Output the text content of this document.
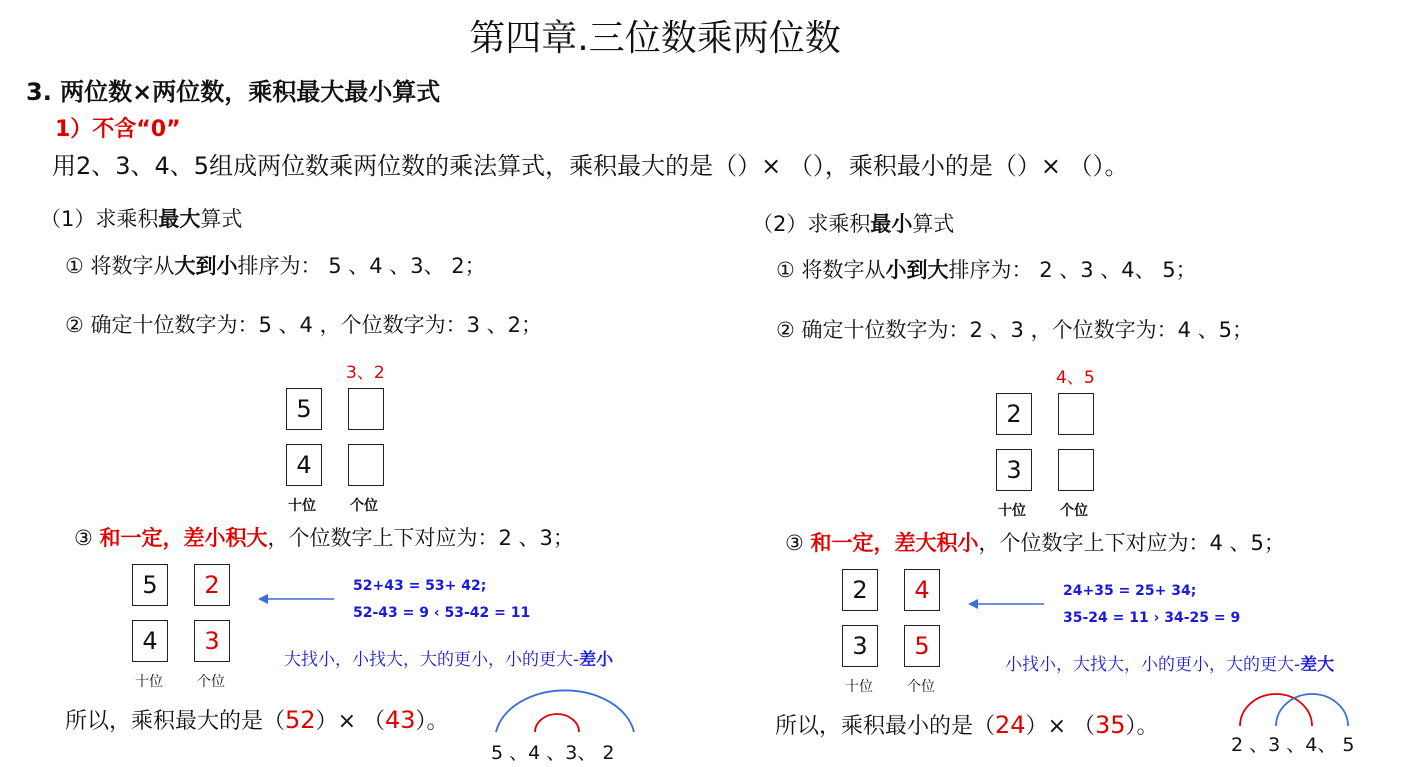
第四章.三位数乘两位数
3. 两位数×两位数，乘积最大最小算式
1）不含“0”
用2、3、4、5组成两位数乘两位数的乘法算式，乘积最大的是（）× （），乘积最小的是（）× （）。
（1）求乘积最大算式
① 将数字从大到小排序为： 5 、4 、3、 2；
② 确定十位数字为：5 、4 ，个位数字为：3 、2；
3、2
5
4
十位 个位
③ 和一定，差小积大，个位数字上下对应为：2 、3；
5	2
4	3
十位 个位
52+43 = 53+ 42;
52-43 = 9 ‹ 53-42 = 11
大找小，小找大，大的更小，小的更大-差小
所以，乘积最大的是（52）× （43）。
5 、4 、3、 2
（2）求乘积最小算式
① 将数字从小到大排序为： 2 、3 、4、 5；
② 确定十位数字为：2 、3 ，个位数字为：4 、5；
4、5
2
3
十位 个位
③ 和一定，差大积小，个位数字上下对应为：4 、5；
2	4
3	5
十位 个位
24+35 = 25+ 34;
35-24 = 11 › 34-25 = 9
小找小，大找大，小的更小，大的更大-差大
所以，乘积最小的是（24）× （35）。
2 、3 、4、 5
